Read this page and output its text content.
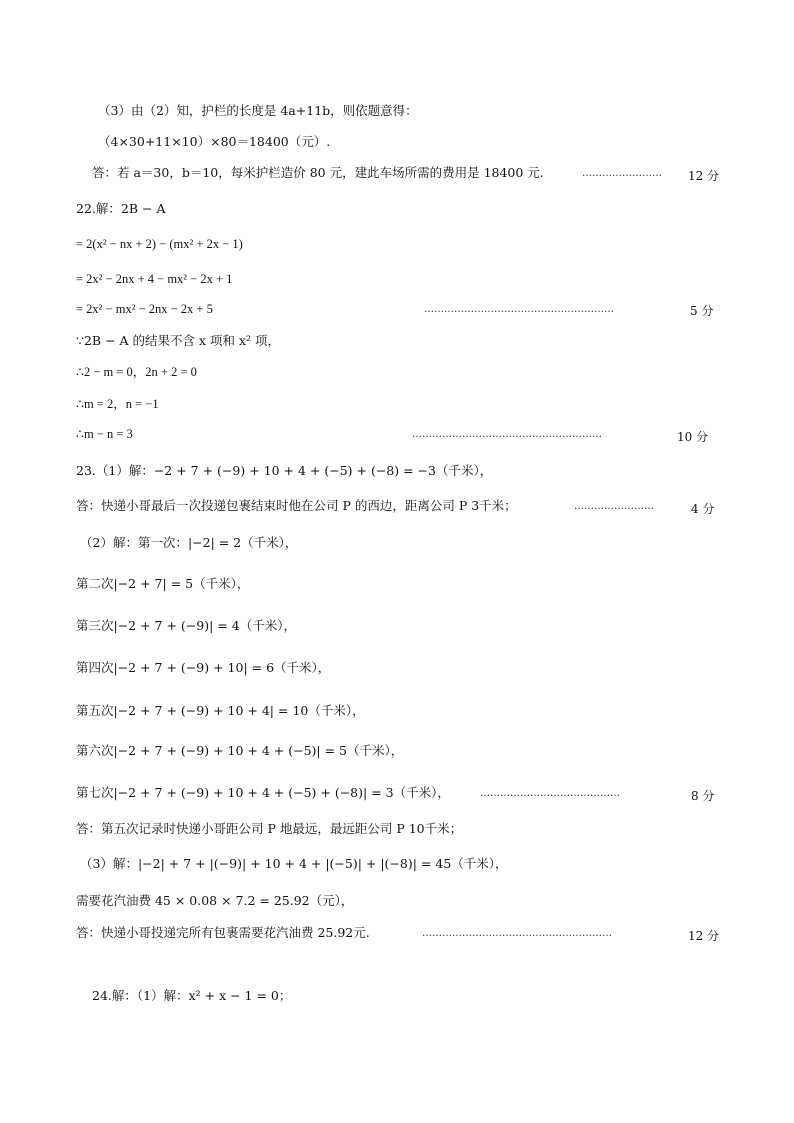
（3）由（2）知，护栏的长度是 4a+11b，则依题意得：
（4×30+11×10）×80＝18400（元）.
答：若 a＝30，b＝10，每米护栏造价 80 元，建此车场所需的费用是 18400 元.	…………………… 12 分
22.解：2B − A
= 2(x² − nx + 2) − (mx² + 2x − 1)
= 2x² − 2nx + 4 − mx² − 2x + 1
= 2x² − mx² − 2nx − 2x + 5	…………………………………………………	5 分
∵2B − A 的结果不含 x 项和 x² 项，
∴2 − m = 0，2n + 2 = 0
∴m = 2，n = −1
∴m − n = 3	…………………………………………………	10 分
23.（1）解：−2 + 7 + (−9) + 10 + 4 + (−5) + (−8) = −3（千米），
答：快递小哥最后一次投递包裹结束时他在公司 P 的西边，距离公司 P 3千米；	……………………	4 分
（2）解：第一次：|−2| = 2（千米），
第二次|−2 + 7| = 5（千米），
第三次|−2 + 7 + (−9)| = 4（千米），
第四次|−2 + 7 + (−9) + 10| = 6（千米），
第五次|−2 + 7 + (−9) + 10 + 4| = 10（千米），
第六次|−2 + 7 + (−9) + 10 + 4 + (−5)| = 5（千米），
第七次|−2 + 7 + (−9) + 10 + 4 + (−5) + (−8)| = 3（千米），	……………………………………	8 分
答：第五次记录时快递小哥距公司 P 地最远，最远距公司 P 10千米；
（3）解：|−2| + 7 + |(−9)| + 10 + 4 + |(−5)| + |(−8)| = 45（千米），
需要花汽油费 45 × 0.08 × 7.2 = 25.92（元），
答：快递小哥投递完所有包裹需要花汽油费 25.92元.	…………………………………………………	12 分
24.解：（1）解：x² + x − 1 = 0；
